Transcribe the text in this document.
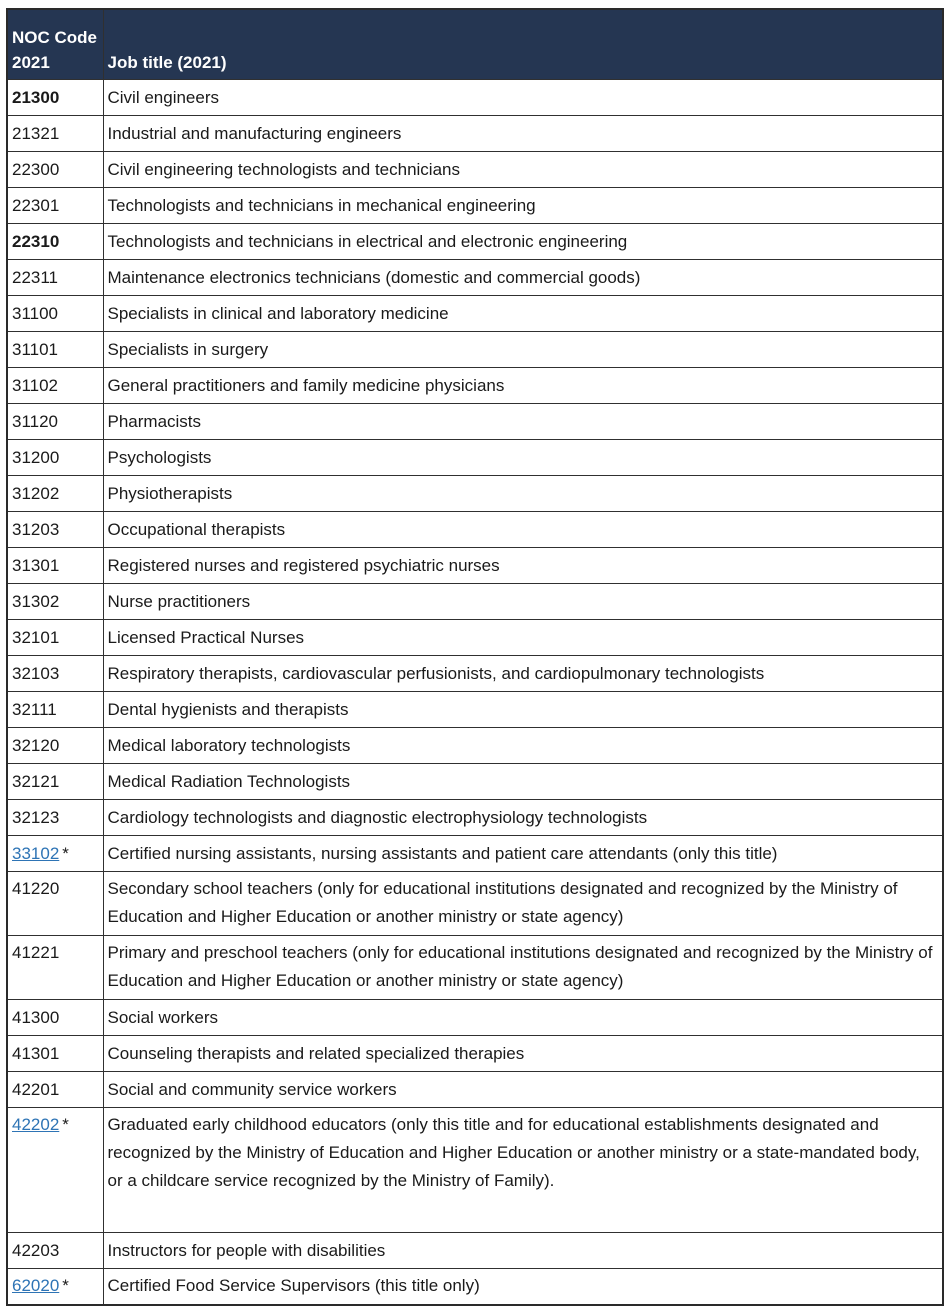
NOC Code 2021	Job title (2021)
21300	Civil engineers
21321	Industrial and manufacturing engineers
22300	Civil engineering technologists and technicians
22301	Technologists and technicians in mechanical engineering
22310	Technologists and technicians in electrical and electronic engineering
22311	Maintenance electronics technicians (domestic and commercial goods)
31100	Specialists in clinical and laboratory medicine
31101	Specialists in surgery
31102	General practitioners and family medicine physicians
31120	Pharmacists
31200	Psychologists
31202	Physiotherapists
31203	Occupational therapists
31301	Registered nurses and registered psychiatric nurses
31302	Nurse practitioners
32101	Licensed Practical Nurses
32103	Respiratory therapists, cardiovascular perfusionists, and cardiopulmonary technologists
32111	Dental hygienists and therapists
32120	Medical laboratory technologists
32121	Medical Radiation Technologists
32123	Cardiology technologists and diagnostic electrophysiology technologists
33102 *	Certified nursing assistants, nursing assistants and patient care attendants (only this title)
41220	Secondary school teachers (only for educational institutions designated and recognized by the Ministry of Education and Higher Education or another ministry or state agency)
41221	Primary and preschool teachers (only for educational institutions designated and recognized by the Ministry of Education and Higher Education or another ministry or state agency)
41300	Social workers
41301	Counseling therapists and related specialized therapies
42201	Social and community service workers
42202 *	Graduated early childhood educators (only this title and for educational establishments designated and recognized by the Ministry of Education and Higher Education or another ministry or a state-mandated body, or a childcare service recognized by the Ministry of Family).
42203	Instructors for people with disabilities
62020 *	Certified Food Service Supervisors (this title only)
